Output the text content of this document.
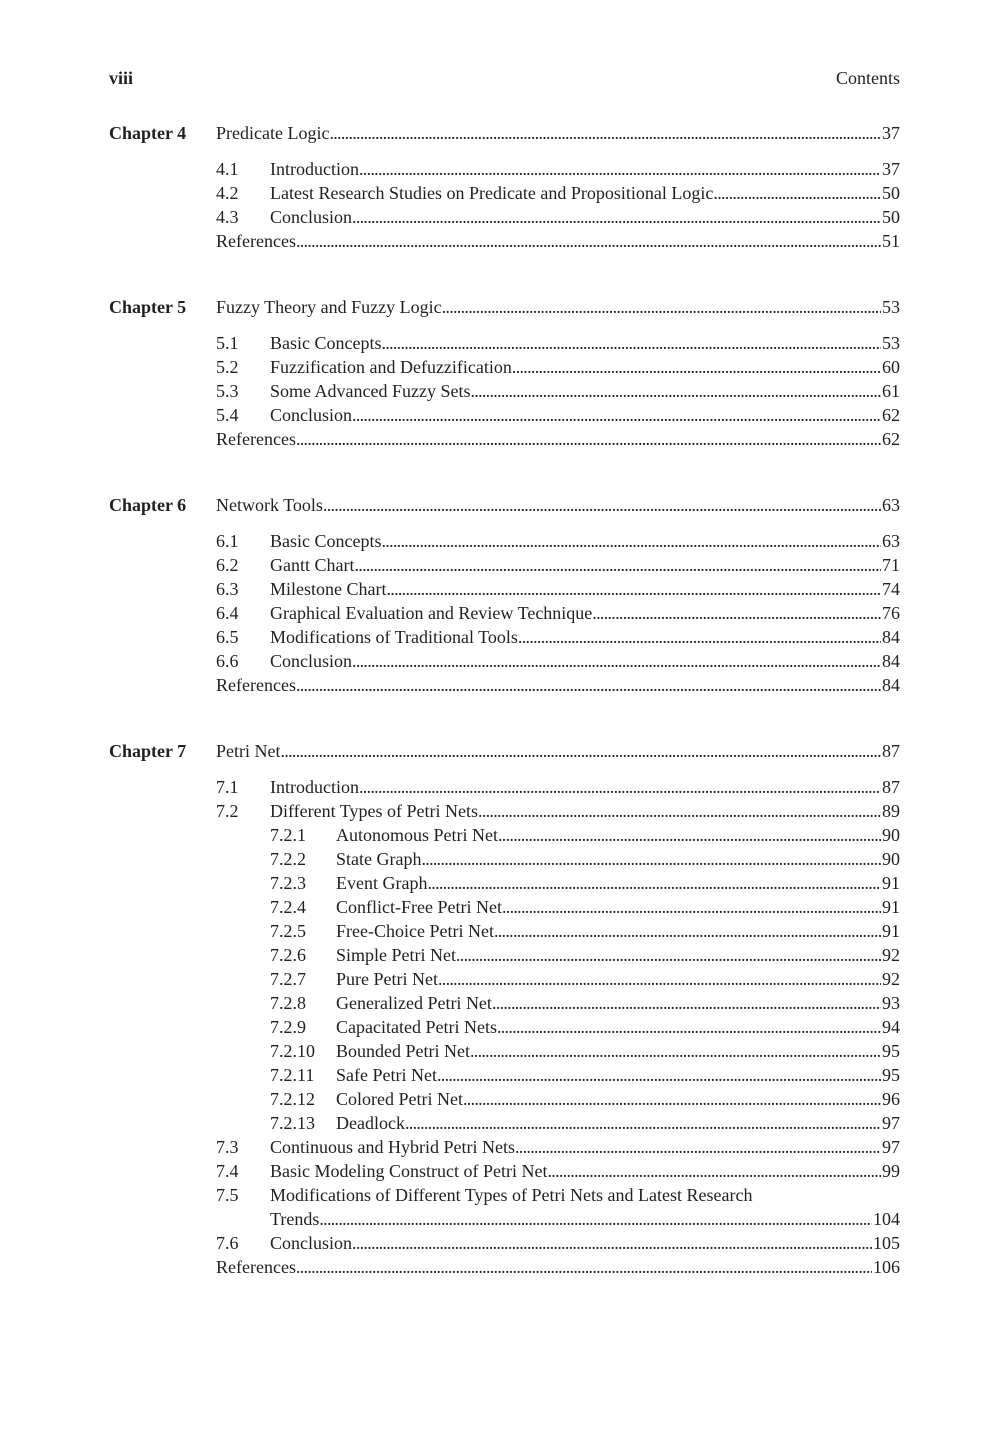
viii	Contents
Chapter 4 Predicate Logic . . .	37
4.1 Introduction . . .	37
4.2 Latest Research Studies on Predicate and Propositional Logic . . .	50
4.3 Conclusion . . .	50
References . . .	51
Chapter 5 Fuzzy Theory and Fuzzy Logic . . .	53
5.1 Basic Concepts . . .	53
5.2 Fuzzification and Defuzzification . . .	60
5.3 Some Advanced Fuzzy Sets . . .	61
5.4 Conclusion . . .	62
References . . .	62
Chapter 6 Network Tools . . .	63
6.1 Basic Concepts . . .	63
6.2 Gantt Chart . . .	71
6.3 Milestone Chart . . .	74
6.4 Graphical Evaluation and Review Technique . . .	76
6.5 Modifications of Traditional Tools . . .	84
6.6 Conclusion . . .	84
References . . .	84
Chapter 7 Petri Net . . .	87
7.1 Introduction . . .	87
7.2 Different Types of Petri Nets . . .	89
7.2.1 Autonomous Petri Net . . .	90
7.2.2 State Graph . . .	90
7.2.3 Event Graph . . .	91
7.2.4 Conflict-Free Petri Net . . .	91
7.2.5 Free-Choice Petri Net . . .	91
7.2.6 Simple Petri Net . . .	92
7.2.7 Pure Petri Net . . .	92
7.2.8 Generalized Petri Net . . .	93
7.2.9 Capacitated Petri Nets . . .	94
7.2.10 Bounded Petri Net . . .	95
7.2.11 Safe Petri Net . . .	95
7.2.12 Colored Petri Net . . .	96
7.2.13 Deadlock . . .	97
7.3 Continuous and Hybrid Petri Nets . . .	97
7.4 Basic Modeling Construct of Petri Net . . .	99
7.5 Modifications of Different Types of Petri Nets and Latest Research
Trends . . .	104
7.6 Conclusion . . .	105
References . . .	106
